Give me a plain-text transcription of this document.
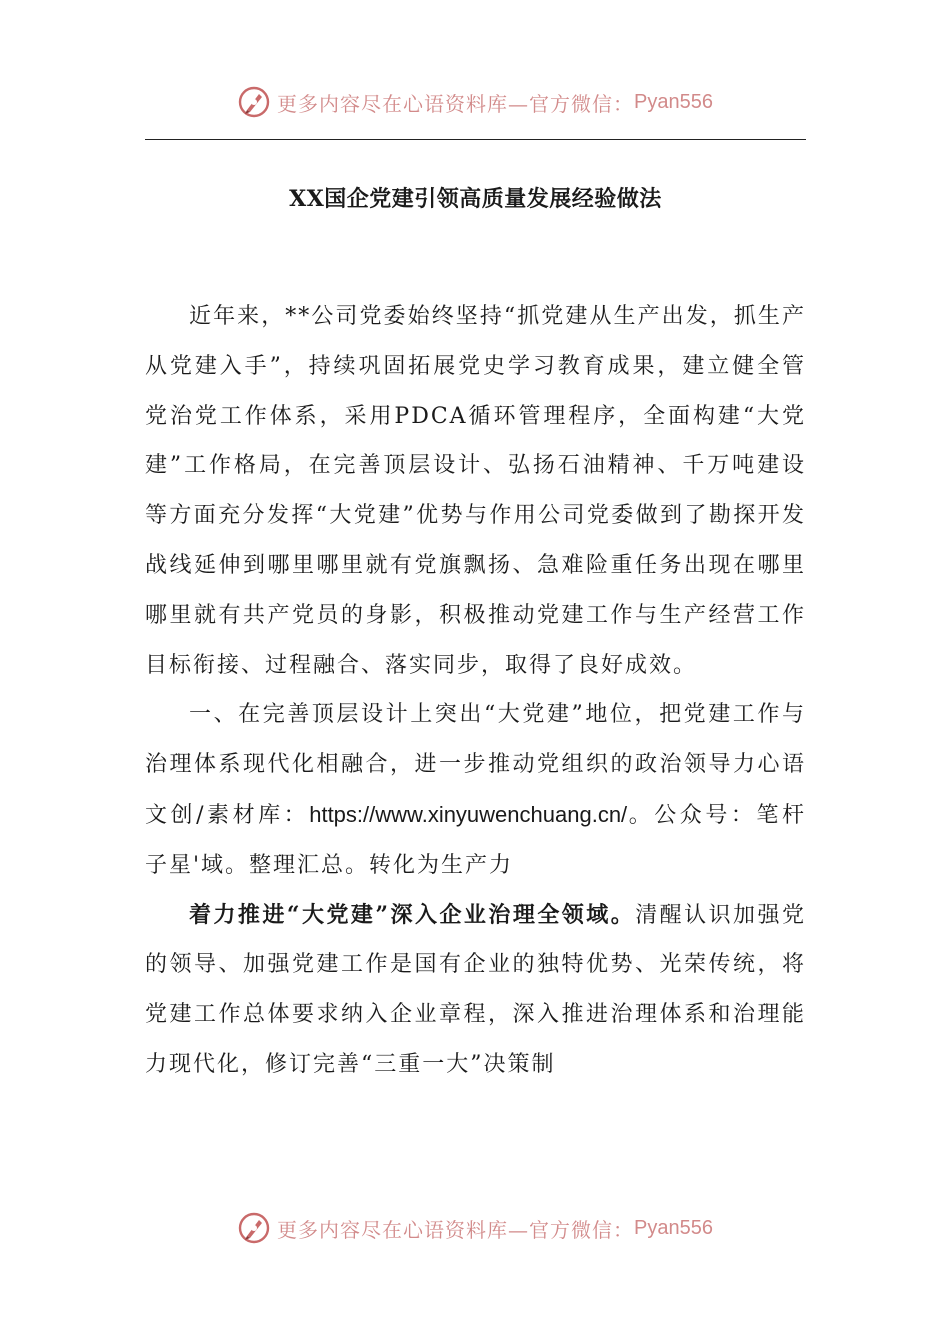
更多内容尽在心语资料库—官方微信： Pyan556
XX国企党建引领高质量发展经验做法

近年来，**公司党委始终坚持“抓党建从生产出发，抓生产从党建入手”，持续巩固拓展党史学习教育成果，建立健全管党治党工作体系，采用PDCA循环管理程序，全面构建“大党建”工作格局，在完善顶层设计、弘扬石油精神、千万吨建设等方面充分发挥“大党建”优势与作用公司党委做到了勘探开发战线延伸到哪里哪里就有党旗飘扬、急难险重任务出现在哪里哪里就有共产党员的身影，积极推动党建工作与生产经营工作目标衔接、过程融合、落实同步，取得了良好成效。

一、在完善顶层设计上突出“大党建”地位，把党建工作与治理体系现代化相融合，进一步推动党组织的政治领导力心语文创/素材库：https://www.xinyuwenchuang.cn/。公众号：笔杆子星'域。整理汇总。转化为生产力

着力推进“大党建”深入企业治理全领域。清醒认识加强党的领导、加强党建工作是国有企业的独特优势、光荣传统，将党建工作总体要求纳入企业章程，深入推进治理体系和治理能力现代化，修订完善“三重一大”决策制

更多内容尽在心语资料库—官方微信： Pyan556
